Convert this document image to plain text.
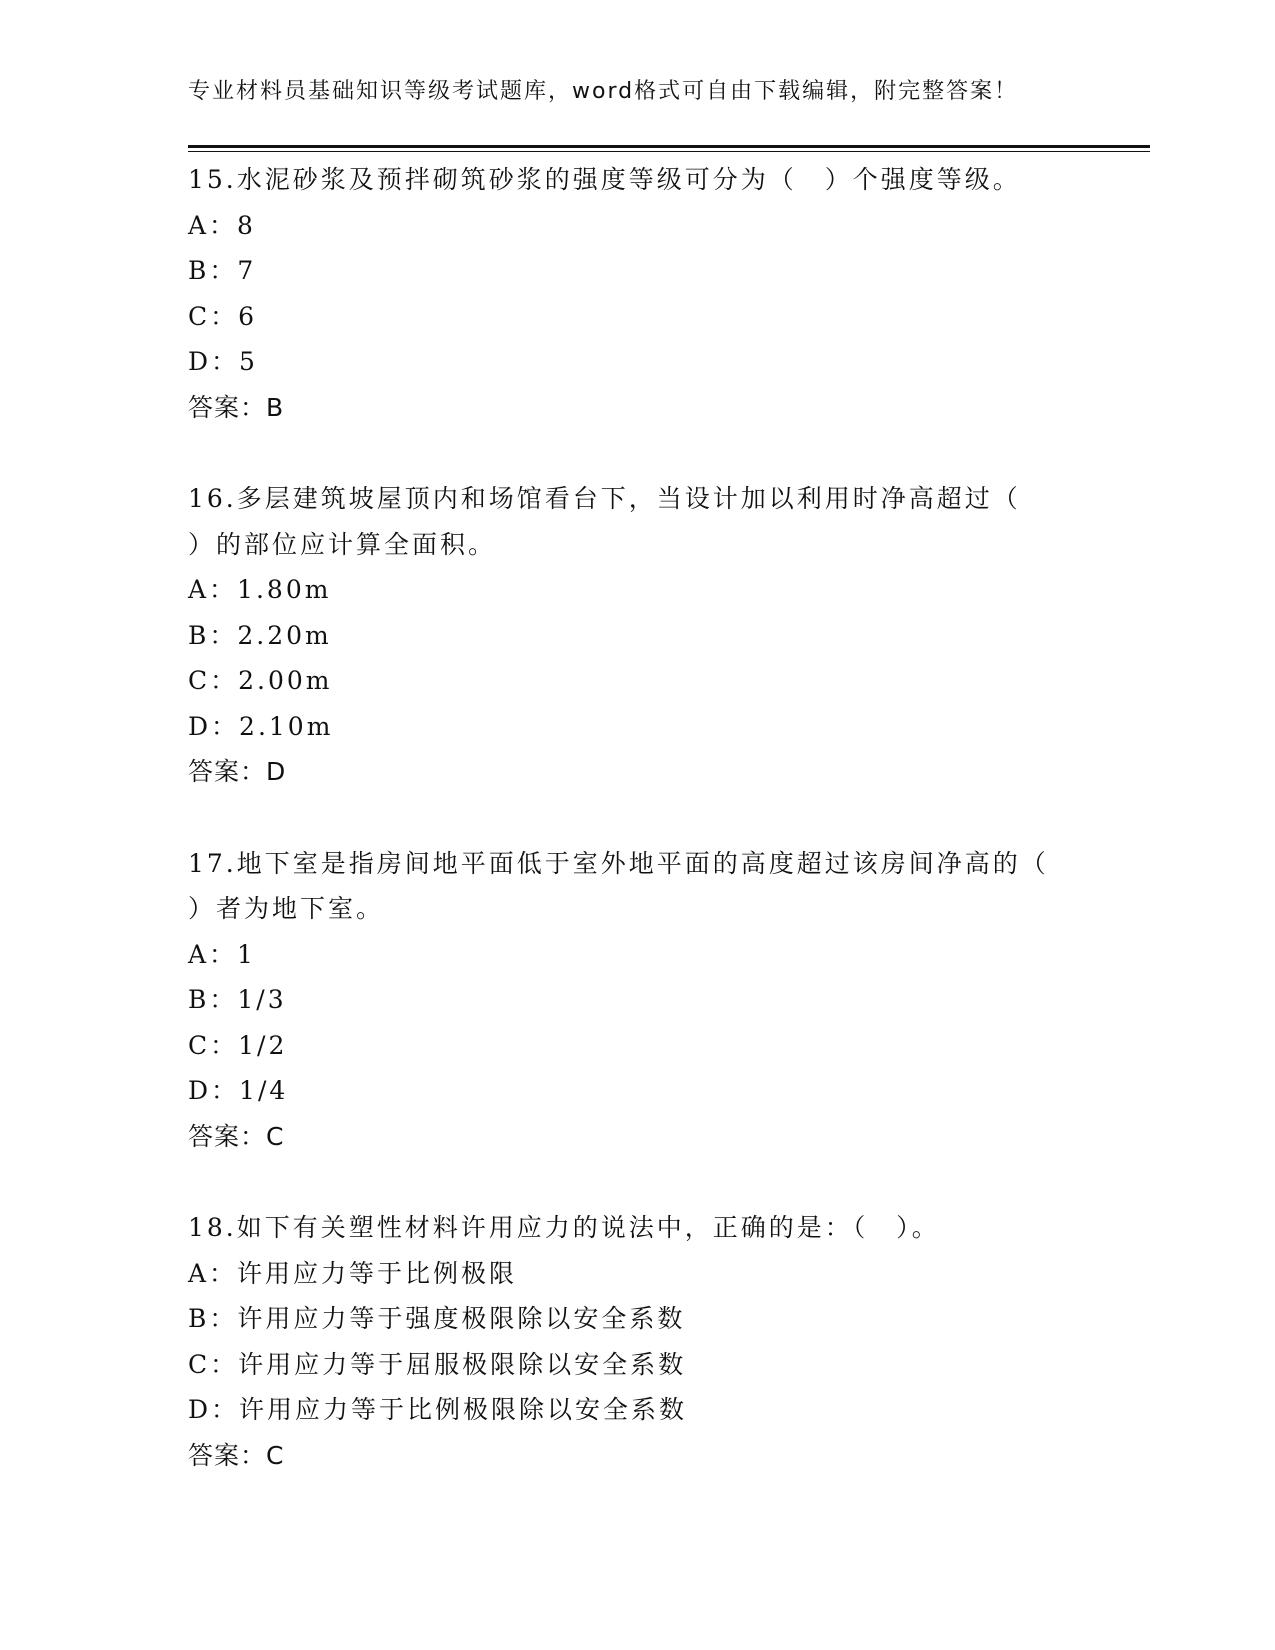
专业材料员基础知识等级考试题库，word格式可自由下载编辑，附完整答案！
15.水泥砂浆及预拌砌筑砂浆的强度等级可分为（　）个强度等级。
A：8
B：7
C：6
D：5
答案：B
16.多层建筑坡屋顶内和场馆看台下，当设计加以利用时净高超过（
）的部位应计算全面积。
A：1.80m
B：2.20m
C：2.00m
D：2.10m
答案：D
17.地下室是指房间地平面低于室外地平面的高度超过该房间净高的（
）者为地下室。
A：1
B：1/3
C：1/2
D：1/4
答案：C
18.如下有关塑性材料许用应力的说法中，正确的是：（　）。
A：许用应力等于比例极限
B：许用应力等于强度极限除以安全系数
C：许用应力等于屈服极限除以安全系数
D：许用应力等于比例极限除以安全系数
答案：C
